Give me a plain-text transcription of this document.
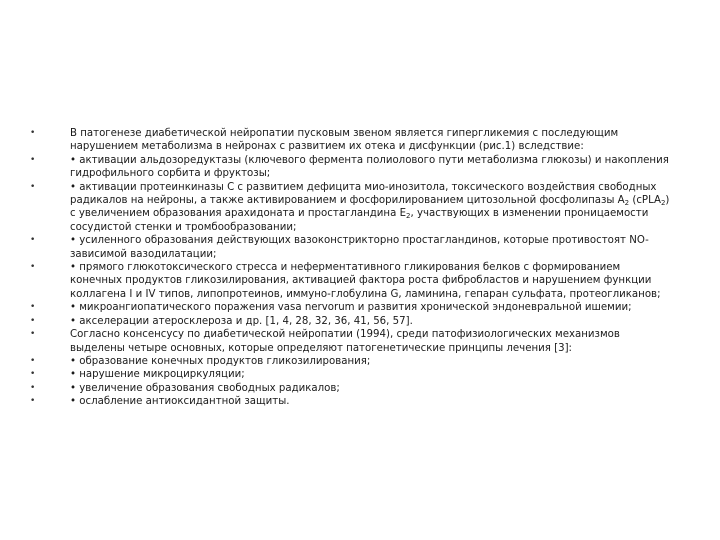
•	В патогенезе диабетической нейропатии пусковым звеном является гипергликемия с последующим нарушением метаболизма в нейронах с развитием их отека и дисфункции (рис.1) вследствие:
•	• активации альдозоредуктазы (ключевого фермента полиолового пути метаболизма глюкозы) и накопления гидрофильного сорбита и фруктозы;
•	• активации протеинкиназы С с развитием дефицита мио-инозитола, токсического воздействия свободных радикалов на нейроны, а также активированием и фосфорилированием цитозольной фосфолипазы $А_2$ (cPLA$_2$) с увеличением образования арахидоната и простагландина $Е_2$, участвующих в изменении проницаемости сосудистой стенки и тромбообразовании;
•	• усиленного образования действующих вазоконстрикторно простагландинов, которые противостоят NO-зависимой вазодилатации;
•	• прямого глюкотоксического стресса и неферментативного гликирования белков с формированием конечных продуктов гликозилирования, активацией фактора роста фибробластов и нарушением функции коллагена I и IV типов, липопротеинов, иммуно-глобулина G, ламинина, гепаран сульфата, протеогликанов;
•	• микроангиопатического поражения vasa nervorum и развития хронической эндоневральной ишемии;
•	• акселерации атеросклероза и др. [1, 4, 28, 32, 36, 41, 56, 57].
•	Согласно консенсусу по диабетической нейропатии (1994), среди патофизиологических механизмов выделены четыре основных, которые определяют патогенетические принципы лечения [3]:
•	• образование конечных продуктов гликозилирования;
•	• нарушение микроциркуляции;
•	• увеличение образования свободных радикалов;
•	• ослабление антиоксидантной защиты.
